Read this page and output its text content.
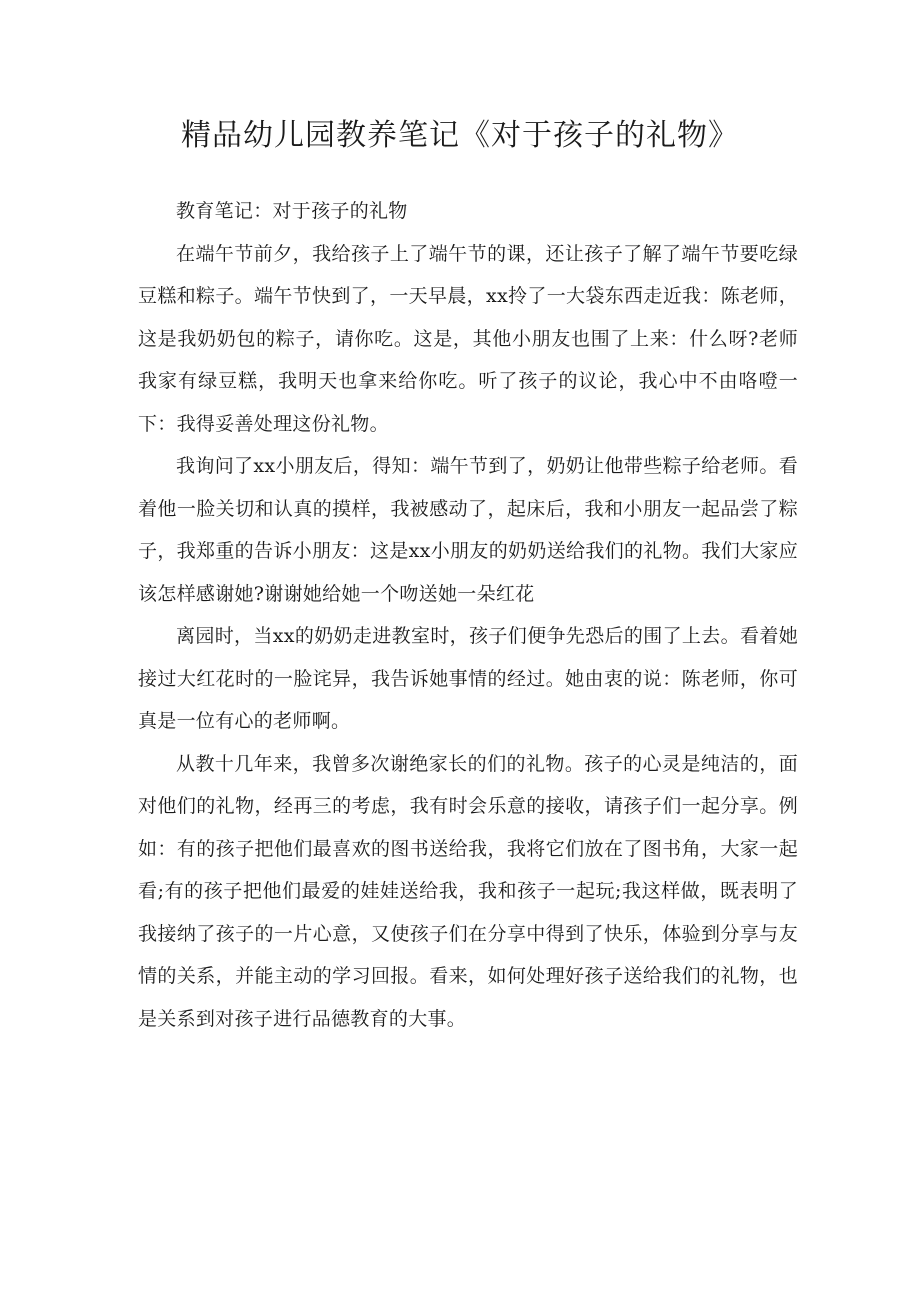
精品幼儿园教养笔记《对于孩子的礼物》

教育笔记：对于孩子的礼物

在端午节前夕，我给孩子上了端午节的课，还让孩子了解了端午节要吃绿豆糕和粽子。端午节快到了，一天早晨，xx拎了一大袋东西走近我：陈老师，这是我奶奶包的粽子，请你吃。这是，其他小朋友也围了上来：什么呀?老师我家有绿豆糕，我明天也拿来给你吃。听了孩子的议论，我心中不由咯噔一下：我得妥善处理这份礼物。

我询问了xx小朋友后，得知：端午节到了，奶奶让他带些粽子给老师。看着他一脸关切和认真的摸样，我被感动了，起床后，我和小朋友一起品尝了粽子，我郑重的告诉小朋友：这是xx小朋友的奶奶送给我们的礼物。我们大家应该怎样感谢她?谢谢她给她一个吻送她一朵红花

离园时，当xx的奶奶走进教室时，孩子们便争先恐后的围了上去。看着她接过大红花时的一脸诧异，我告诉她事情的经过。她由衷的说：陈老师，你可真是一位有心的老师啊。

从教十几年来，我曾多次谢绝家长的们的礼物。孩子的心灵是纯洁的，面对他们的礼物，经再三的考虑，我有时会乐意的接收，请孩子们一起分享。例如：有的孩子把他们最喜欢的图书送给我，我将它们放在了图书角，大家一起看;有的孩子把他们最爱的娃娃送给我，我和孩子一起玩;我这样做，既表明了我接纳了孩子的一片心意，又使孩子们在分享中得到了快乐，体验到分享与友情的关系，并能主动的学习回报。看来，如何处理好孩子送给我们的礼物，也是关系到对孩子进行品德教育的大事。
